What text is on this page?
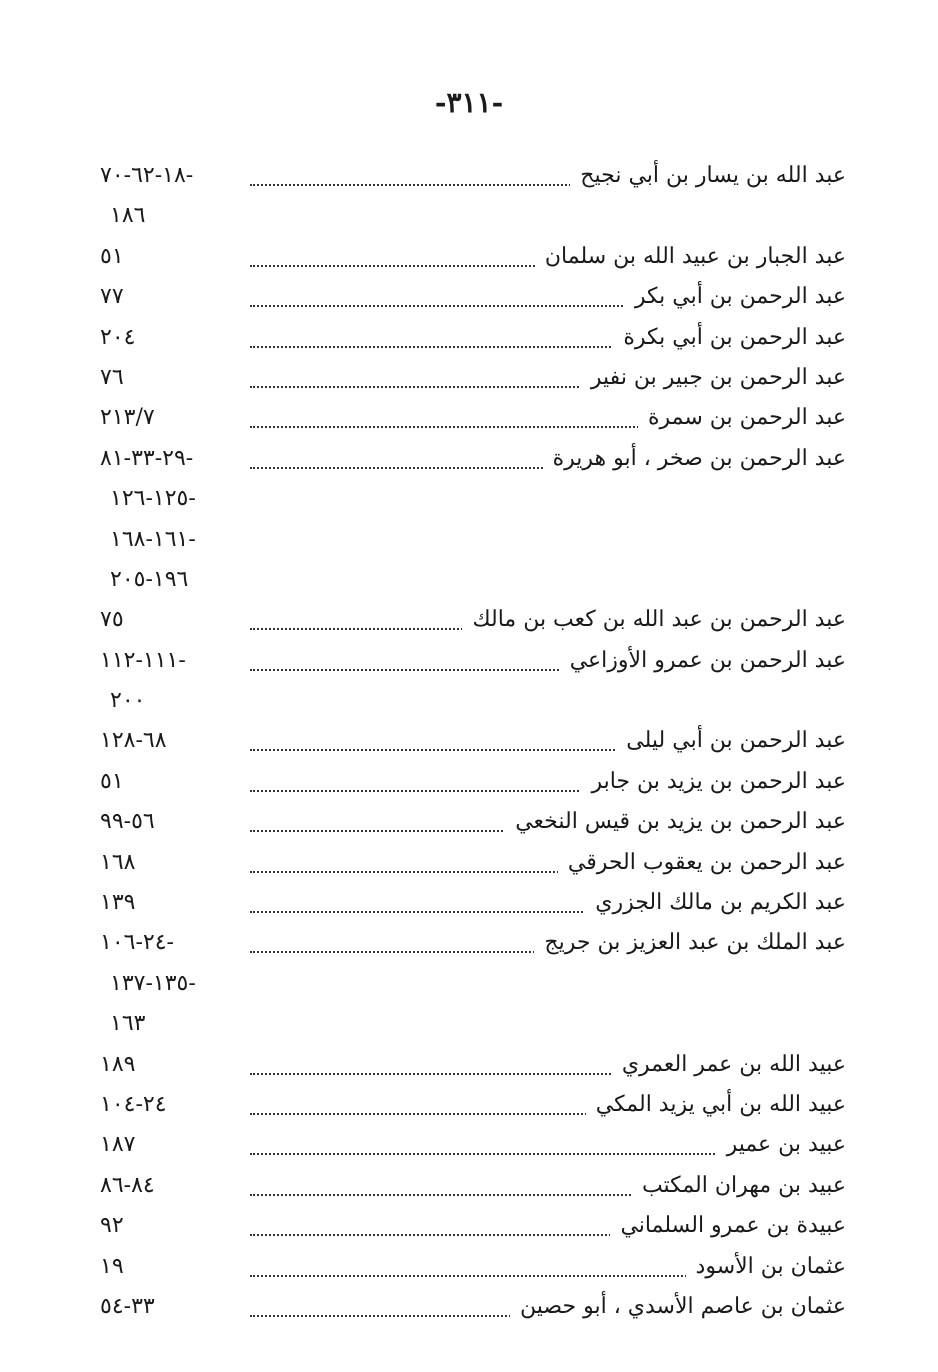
-٣١١-
عبد الله بن يسار بن أبي نجيح
١٨-٦٢-٧٠-
١٨٦
عبد الجبار بن عبيد الله بن سلمان
٥١
عبد الرحمن بن أبي بكر
٧٧
عبد الرحمن بن أبي بكرة
٢٠٤
عبد الرحمن بن جبير بن نفير
٧٦
عبد الرحمن بن سمرة
٢١٣/٧
عبد الرحمن بن صخر ، أبو هريرة
٢٩-٣٣-٨١-
١٢٥-١٢٦-
١٦١-١٦٨-
١٩٦-٢٠٥
عبد الرحمن بن عبد الله بن كعب بن مالك
٧٥
عبد الرحمن بن عمرو الأوزاعي
١١١-١١٢-
٢٠٠
عبد الرحمن بن أبي ليلى
٦٨-١٢٨
عبد الرحمن بن يزيد بن جابر
٥١
عبد الرحمن بن يزيد بن قيس النخعي
٥٦-٩٩
عبد الرحمن بن يعقوب الحرقي
١٦٨
عبد الكريم بن مالك الجزري
١٣٩
عبد الملك بن عبد العزيز بن جريج
٢٤-١٠٦-
١٣٥-١٣٧-
١٦٣
عبيد الله بن عمر العمري
١٨٩
عبيد الله بن أبي يزيد المكي
٢٤-١٠٤
عبيد بن عمير
١٨٧
عبيد بن مهران المكتب
٨٤-٨٦
عبيدة بن عمرو السلماني
٩٢
عثمان بن الأسود
١٩
عثمان بن عاصم الأسدي ، أبو حصين
٣٣-٥٤
